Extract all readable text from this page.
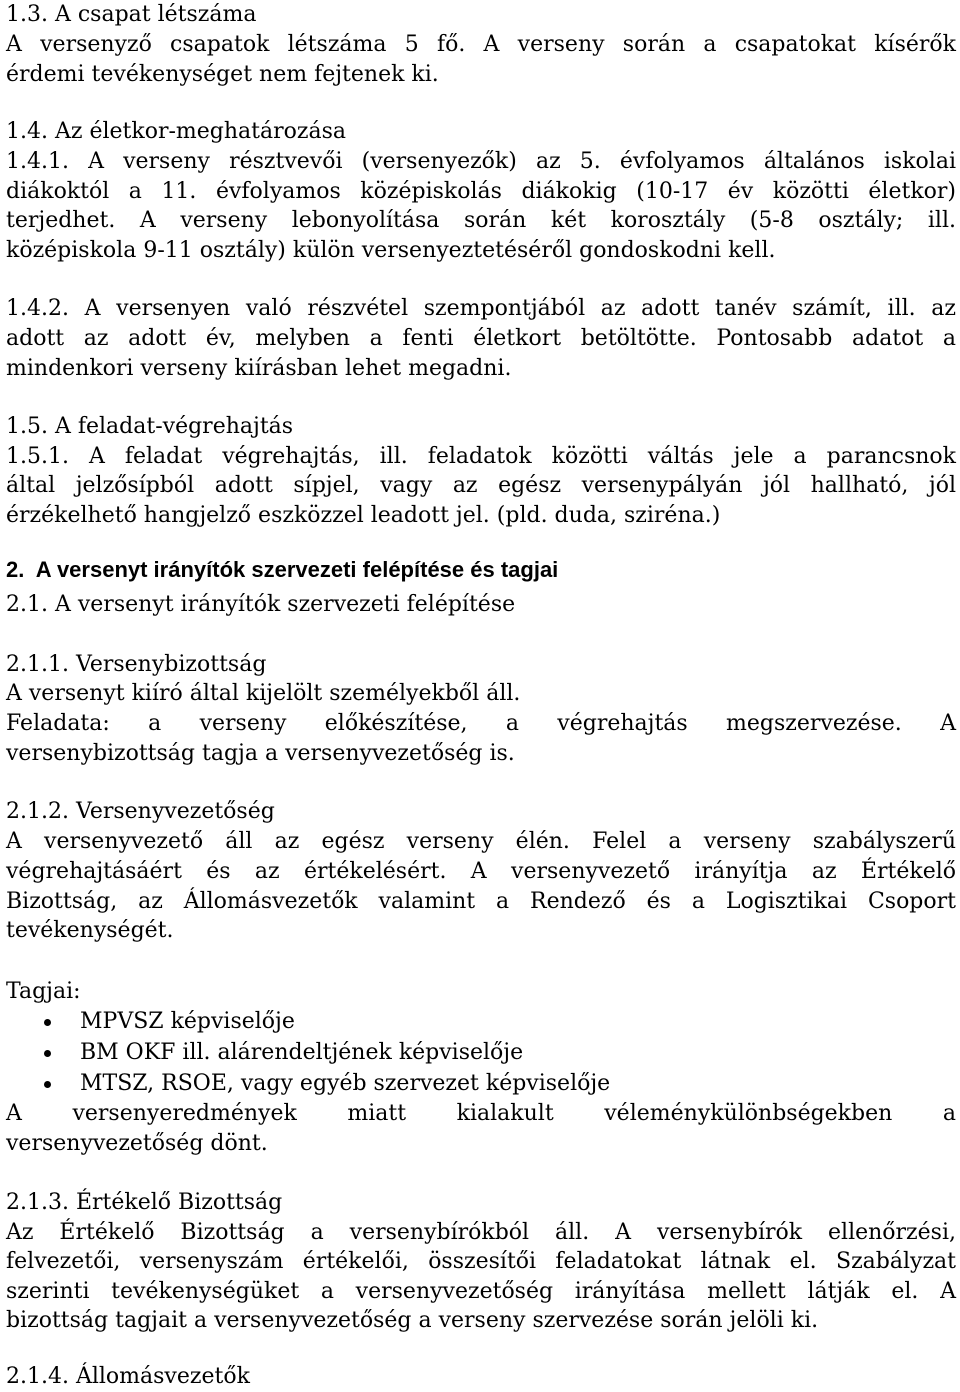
1.3. A csapat létszáma
A versenyző csapatok létszáma 5 fő. A verseny során a csapatokat kísérők
érdemi tevékenységet nem fejtenek ki.
1.4. Az életkor-meghatározása
1.4.1. A verseny résztvevői (versenyezők) az 5. évfolyamos általános iskolai
diákoktól a 11. évfolyamos középiskolás diákokig (10-17 év közötti életkor)
terjedhet. A verseny lebonyolítása során két korosztály (5-8 osztály; ill.
középiskola 9-11 osztály) külön versenyeztetéséről gondoskodni kell.
1.4.2. A versenyen való részvétel szempontjából az adott tanév számít, ill. az
adott az adott év, melyben a fenti életkort betöltötte. Pontosabb adatot a
mindenkori verseny kiírásban lehet megadni.
1.5. A feladat-végrehajtás
1.5.1. A feladat végrehajtás, ill. feladatok közötti váltás jele a parancsnok
által jelzősípból adott sípjel, vagy az egész versenypályán jól hallható, jól
érzékelhető hangjelző eszközzel leadott jel. (pld. duda, sziréna.)
2.  A versenyt irányítók szervezeti felépítése és tagjai
2.1. A versenyt irányítók szervezeti felépítése
2.1.1. Versenybizottság
A versenyt kiíró által kijelölt személyekből áll.
Feladata: a verseny előkészítése, a végrehajtás megszervezése. A
versenybizottság tagja a versenyvezetőség is.
2.1.2. Versenyvezetőség
A versenyvezető áll az egész verseny élén. Felel a verseny szabályszerű
végrehajtásáért és az értékelésért. A versenyvezető irányítja az Értékelő
Bizottság, az Állomásvezetők valamint a Rendező és a Logisztikai Csoport
tevékenységét.
Tagjai:
MPVSZ képviselője
BM OKF ill. alárendeltjének képviselője
MTSZ, RSOE, vagy egyéb szervezet képviselője
A versenyeredmények miatt kialakult véleménykülönbségekben a
versenyvezetőség dönt.
2.1.3. Értékelő Bizottság
Az Értékelő Bizottság a versenybírókból áll. A versenybírók ellenőrzési,
felvezetői, versenyszám értékelői, összesítői feladatokat látnak el. Szabályzat
szerinti tevékenységüket a versenyvezetőség irányítása mellett látják el. A
bizottság tagjait a versenyvezetőség a verseny szervezése során jelöli ki.
2.1.4. Állomásvezetők
